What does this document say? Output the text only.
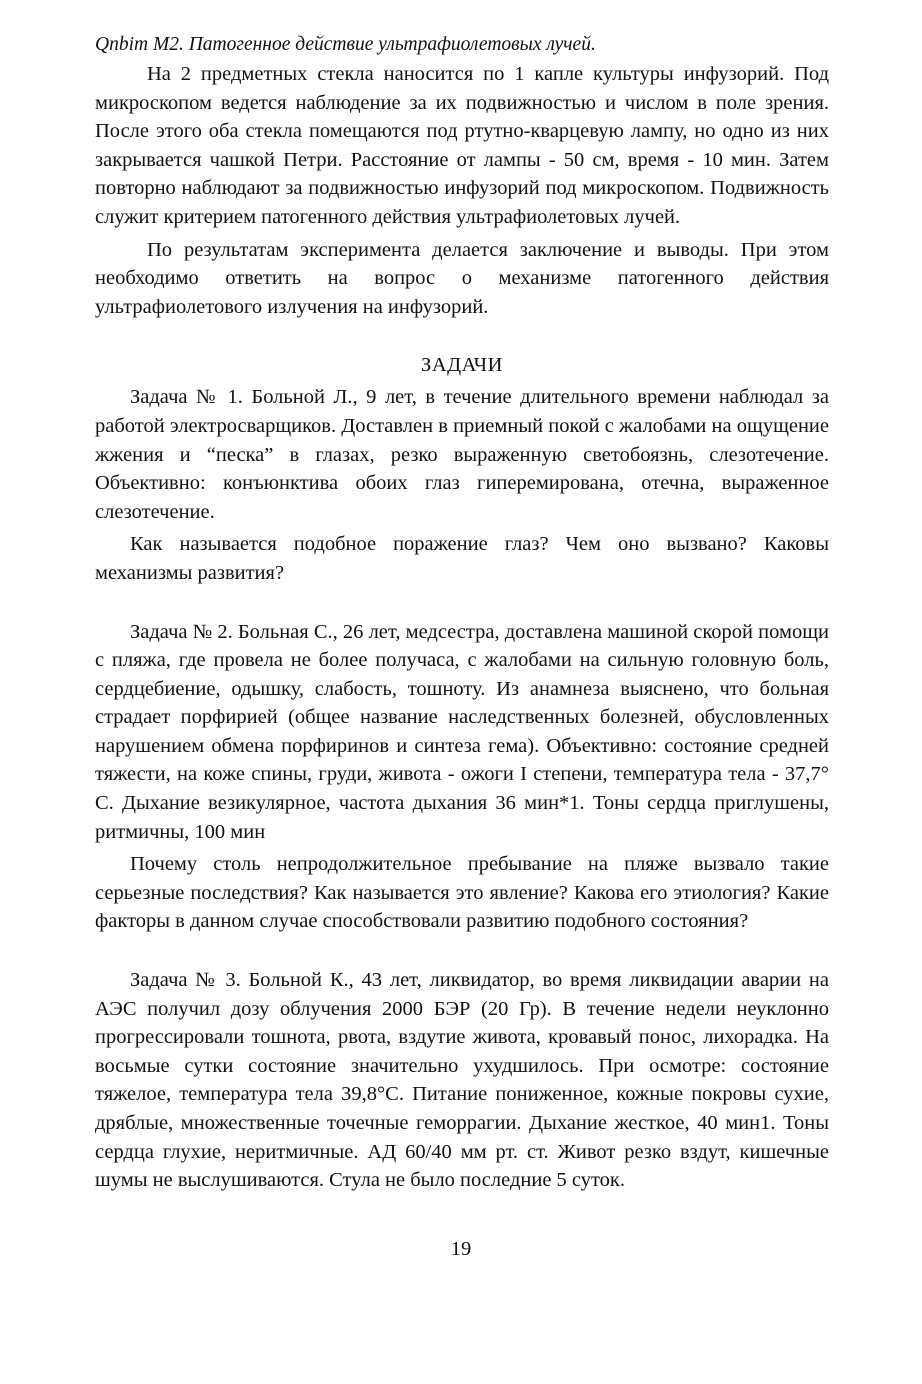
Qnbim M2. Патогенное действие ультрафиолетовых лучей.

На 2 предметных стекла наносится по 1 капле культуры инфузорий. Под микроскопом ведется наблюдение за их подвижностью и числом в поле зрения. После этого оба стекла помещаются под ртутно-кварцевую лампу, но одно из них закрывается чашкой Петри. Расстояние от лампы - 50 см, время - 10 мин. Затем повторно наблюдают за подвижностью инфузорий под микроскопом. Подвижность служит критерием патогенного действия ультрафиолетовых лучей.

По результатам эксперимента делается заключение и выводы. При этом необходимо ответить на вопрос о механизме патогенного действия ультрафиолетового излучения на инфузорий.

ЗАДАЧИ

Задача № 1. Больной Л., 9 лет, в течение длительного времени наблюдал за работой электросварщиков. Доставлен в приемный покой с жалобами на ощущение жжения и “песка” в глазах, резко выраженную светобоязнь, слезотечение. Объективно: конъюнктива обоих глаз гиперемирована, отечна, выраженное слезотечение.

Как называется подобное поражение глаз? Чем оно вызвано? Каковы механизмы развития?

Задача № 2. Больная С., 26 лет, медсестра, доставлена машиной скорой помощи с пляжа, где провела не более получаса, с жалобами на сильную головную боль, сердцебиение, одышку, слабость, тошноту. Из анамнеза выяснено, что больная страдает порфирией (общее название наследственных болезней, обусловленных нарушением обмена порфиринов и синтеза гема). Объективно: состояние средней тяжести, на коже спины, груди, живота - ожоги I степени, температура тела - 37,7° С. Дыхание везикулярное, частота дыхания 36 мин*1. Тоны сердца приглушены, ритмичны, 100 мин

Почему столь непродолжительное пребывание на пляже вызвало такие серьезные последствия? Как называется это явление? Какова его этиология? Какие факторы в данном случае способствовали развитию подобного состояния?

Задача № 3. Больной К., 43 лет, ликвидатор, во время ликвидации аварии на АЭС получил дозу облучения 2000 БЭР (20 Гр). В течение недели неуклонно прогрессировали тошнота, рвота, вздутие живота, кровавый понос, лихорадка. На восьмые сутки состояние значительно ухудшилось. При осмотре: состояние тяжелое, температура тела 39,8°С. Питание пониженное, кожные покровы сухие, дряблые, множественные точечные геморрагии. Дыхание жесткое, 40 мин1. Тоны сердца глухие, неритмичные. АД 60/40 мм рт. ст. Живот резко вздут, кишечные шумы не выслушиваются. Стула не было последние 5 суток.

19
